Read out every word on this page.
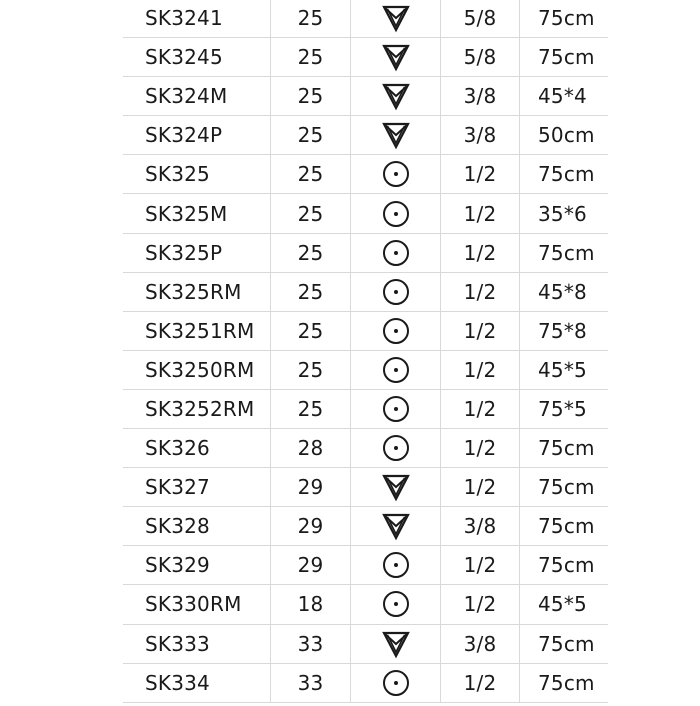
SK3241	25	5/8	75cm
SK3245	25	5/8	75cm
SK324M	25	3/8	45*4
SK324P	25	3/8	50cm
SK325	25	1/2	75cm
SK325M	25	1/2	35*6
SK325P	25	1/2	75cm
SK325RM	25	1/2	45*8
SK3251RM	25	1/2	75*8
SK3250RM	25	1/2	45*5
SK3252RM	25	1/2	75*5
SK326	28	1/2	75cm
SK327	29	1/2	75cm
SK328	29	3/8	75cm
SK329	29	1/2	75cm
SK330RM	18	1/2	45*5
SK333	33	3/8	75cm
SK334	33	1/2	75cm
